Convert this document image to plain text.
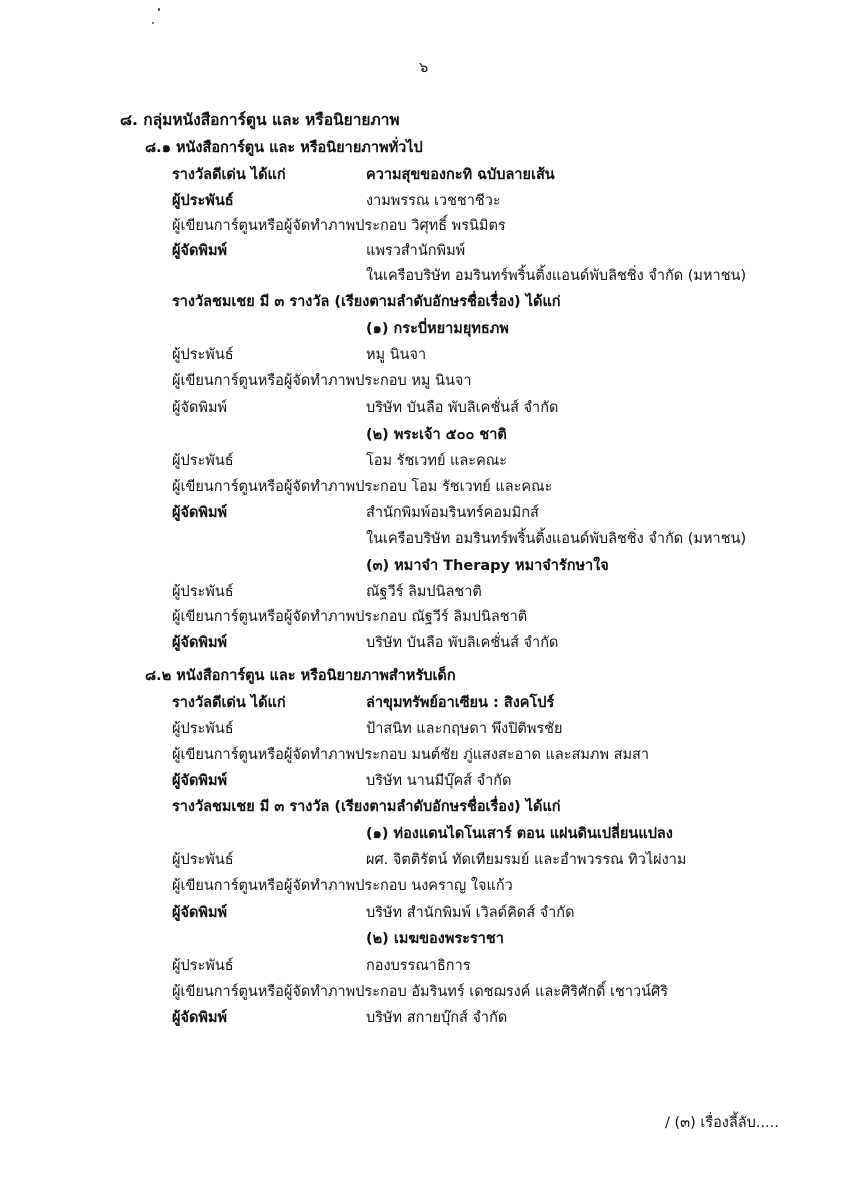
๖
๘. กลุ่มหนังสือการ์ตูน และ หรือนิยายภาพ
๘.๑ หนังสือการ์ตูน และ หรือนิยายภาพทั่วไป
รางวัลดีเด่น ได้แก่	ความสุขของกะทิ ฉบับลายเส้น
ผู้ประพันธ์	งามพรรณ เวชชาชีวะ
ผู้เขียนการ์ตูนหรือผู้จัดทำภาพประกอบ วิศุทธิ์ พรนิมิตร
ผู้จัดพิมพ์	แพรวสำนักพิมพ์
ในเครือบริษัท อมรินทร์พริ้นติ้งแอนด์พับลิชชิ่ง จำกัด (มหาชน)
รางวัลชมเชย มี ๓ รางวัล (เรียงตามลำดับอักษรชื่อเรื่อง) ได้แก่
(๑) กระบี่หยามยุทธภพ
ผู้ประพันธ์	หมู นินจา
ผู้เขียนการ์ตูนหรือผู้จัดทำภาพประกอบ หมู นินจา
ผู้จัดพิมพ์	บริษัท บันลือ พับลิเคชั่นส์ จำกัด
(๒) พระเจ้า ๕๐๐ ชาติ
ผู้ประพันธ์	โอม รัชเวทย์ และคณะ
ผู้เขียนการ์ตูนหรือผู้จัดทำภาพประกอบ โอม รัชเวทย์ และคณะ
ผู้จัดพิมพ์	สำนักพิมพ์อมรินทร์คอมมิกส์
ในเครือบริษัท อมรินทร์พริ้นติ้งแอนด์พับลิชชิ่ง จำกัด (มหาชน)
(๓) หมาจ๋า Therapy หมาจ๋ารักษาใจ
ผู้ประพันธ์	ณัฐวีร์ ลิมปนิลชาติ
ผู้เขียนการ์ตูนหรือผู้จัดทำภาพประกอบ ณัฐวีร์ ลิมปนิลชาติ
ผู้จัดพิมพ์	บริษัท บันลือ พับลิเคชั่นส์ จำกัด
๘.๒ หนังสือการ์ตูน และ หรือนิยายภาพสำหรับเด็ก
รางวัลดีเด่น ได้แก่	ล่าขุมทรัพย์อาเซียน : สิงคโปร์
ผู้ประพันธ์	ป้าสนิท และกฤษดา พึงปิติพรชัย
ผู้เขียนการ์ตูนหรือผู้จัดทำภาพประกอบ มนต์ชัย ภู่แสงสะอาด และสมภพ สมสา
ผู้จัดพิมพ์	บริษัท นานมีบุ๊คส์ จำกัด
รางวัลชมเชย มี ๓ รางวัล (เรียงตามลำดับอักษรชื่อเรื่อง) ได้แก่
(๑) ท่องแดนไดโนเสาร์ ตอน แผ่นดินเปลี่ยนแปลง
ผู้ประพันธ์	ผศ. จิตติรัตน์ ทัดเทียมรมย์ และอำพวรรณ ทิวไผ่งาม
ผู้เขียนการ์ตูนหรือผู้จัดทำภาพประกอบ นงคราญ ใจแก้ว
ผู้จัดพิมพ์	บริษัท สำนักพิมพ์ เวิลด์คิดส์ จำกัด
(๒) เมฆของพระราชา
ผู้ประพันธ์	กองบรรณาธิการ
ผู้เขียนการ์ตูนหรือผู้จัดทำภาพประกอบ อัมรินทร์ เดชฌรงค์ และศิริศักดิ์ เชาวน์ศิริ
ผู้จัดพิมพ์	บริษัท สกายบุ๊กส์ จำกัด
/ (๓) เรื่องลี้ลับ.....
